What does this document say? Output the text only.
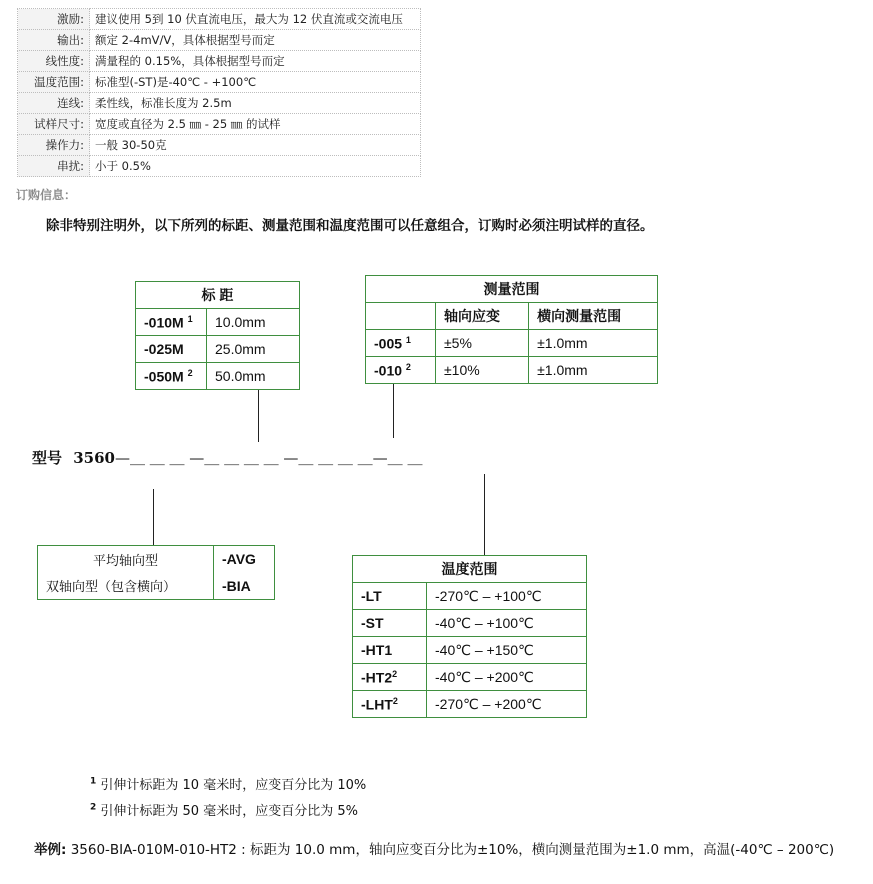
激励:	建议使用 5到 10 伏直流电压，最大为 12 伏直流或交流电压
输出:	额定 2-4mV/V，具体根据型号而定
线性度:	满量程的 0.15%，具体根据型号而定
温度范围:	标准型(-ST)是-40℃ - +100℃
连线:	柔性线，标准长度为 2.5m
试样尺寸:	宽度或直径为 2.5 ㎜ - 25 ㎜ 的试样
操作力:	一般 30-50克
串扰:	小于 0.5%
订购信息：
除非特别注明外，以下所列的标距、测量范围和温度范围可以任意组合，订购时必须注明试样的直径。
标 距	
-010M $^1$	10.0mm
-025M	25.0mm
-050M $^2$	50.0mm
测量范围		
	轴向应变	横向测量范围
-005 $^1$	±5%	±1.0mm
-010 $^2$	±10%	±1.0mm
型号 3560—＿ ＿ ＿ —＿ ＿ ＿ ＿ —＿ ＿ ＿ ＿—＿ ＿
平均轴向型	-AVG
双轴向型（包含横向）	-BIA
温度范围	
-LT	-270℃ – +100℃
-ST	-40℃ – +100℃
-HT1	-40℃ – +150℃
$-HT2^2$	-40℃ – +200℃
-LHT$^2$	-270℃ – +200℃
$^1$ 引伸计标距为 10 毫米时，应变百分比为 10%
$^2$ 引伸计标距为 50 毫米时，应变百分比为 5%
举例: 3560-BIA-010M-010-HT2 : 标距为 10.0 mm，轴向应变百分比为±10%，横向测量范围为±1.0 mm，高温(-40℃ – 200℃)
